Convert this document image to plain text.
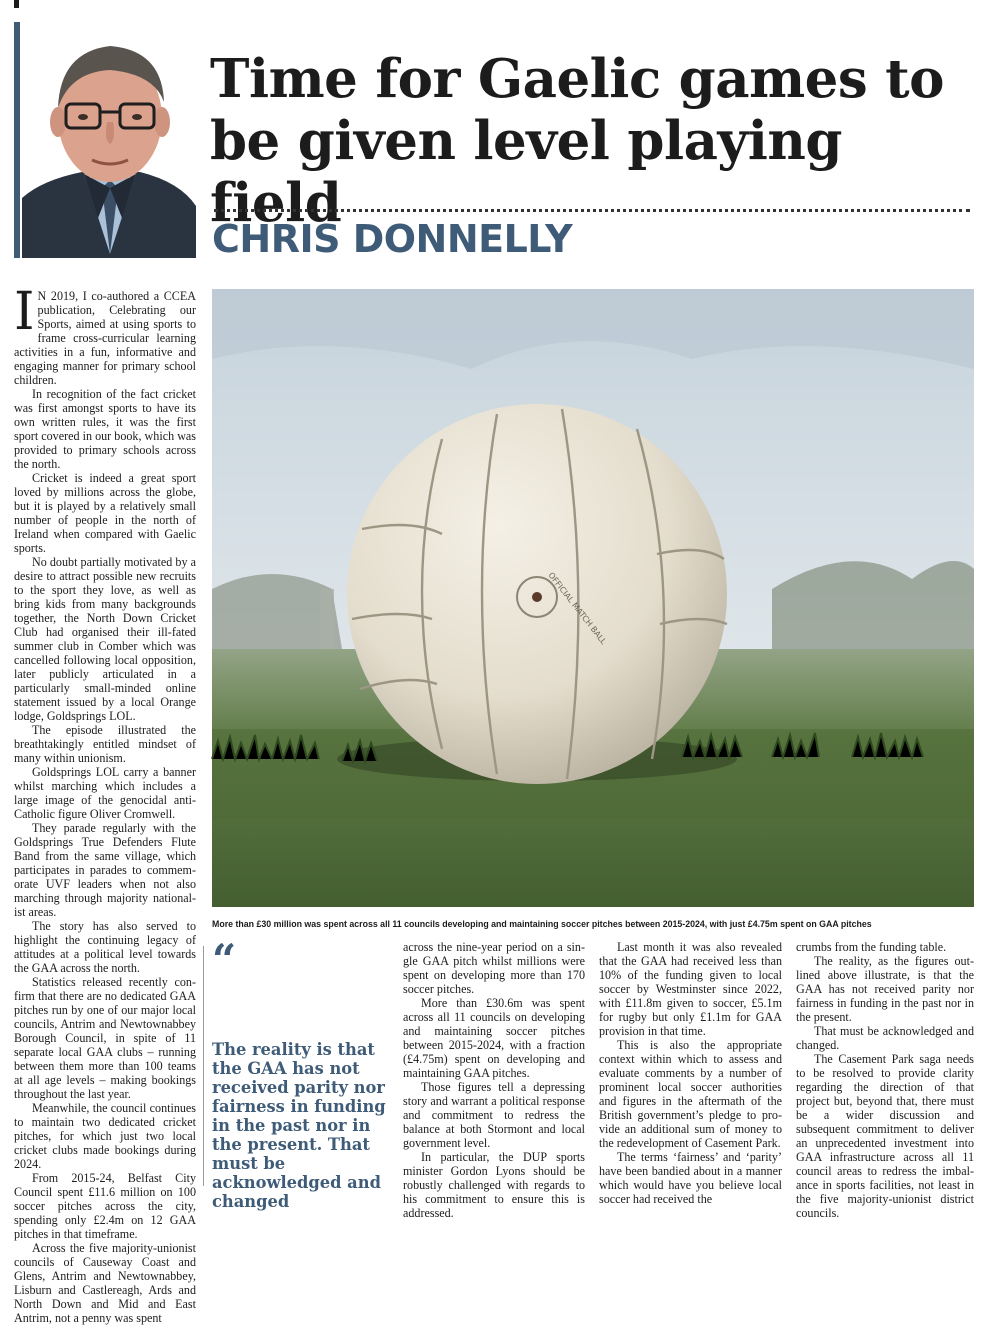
Time for Gaelic games to be given level playing field
CHRIS DONNELLY

I N 2019, I co-authored a CCEA publication, Celebrating our Sports, aimed at using sports to frame cross-curricular learning activities in a fun, informative and engaging manner for primary school children.

In recognition of the fact cricket was first amongst sports to have its own written rules, it was the first sport covered in our book, which was provided to primary schools across the north.

Cricket is indeed a great sport loved by millions across the globe, but it is played by a relatively small number of people in the north of Ireland when compared with Gaelic sports.

No doubt partially motivated by a desire to attract possible new recruits to the sport they love, as well as bring kids from many backgrounds together, the North Down Cricket Club had organised their ill-fated summer club in Comber which was cancelled following local opposition, later publicly articulated in a particularly small-minded online statement issued by a local Orange lodge, Goldsprings LOL.

The episode illustrated the breathtakingly entitled mindset of many within unionism.

Goldsprings LOL carry a banner whilst marching which includes a large image of the genocidal anti-Catholic figure Oliver Cromwell.

They parade regularly with the Goldsprings True Defenders Flute Band from the same village, which participates in parades to commemorate UVF leaders when not also marching through majority nationalist areas.

The story has also served to highlight the continuing legacy of attitudes at a political level towards the GAA across the north.

Statistics released recently confirm that there are no dedicated GAA pitches run by one of our major local councils, Antrim and Newtownabbey Borough Council, in spite of 11 separate local GAA clubs – running between them more than 100 teams at all age levels – making bookings throughout the last year.

Meanwhile, the council continues to maintain two dedicated cricket pitches, for which just two local cricket clubs made bookings during 2024.

From 2015-24, Belfast City Council spent £11.6 million on 100 soccer pitches across the city, spending only £2.4m on 12 GAA pitches in that timeframe.

Across the five majority-unionist councils of Causeway Coast and Glens, Antrim and Newtownabbey, Lisburn and Castlereagh, Ards and North Down and Mid and East Antrim, not a penny was spent

OFFICIAL MATCH BALL
More than £30 million was spent across all 11 councils developing and maintaining soccer pitches between 2015-2024, with just £4.75m spent on GAA pitches
“
The reality is that the GAA has not received parity nor fairness in funding in the past nor in the present. That must be acknowledged and changed

across the nine-year period on a single GAA pitch whilst millions were spent on developing more than 170 soccer pitches.

More than £30.6m was spent across all 11 councils on developing and maintaining soccer pitches between 2015-2024, with a fraction (£4.75m) spent on developing and maintaining GAA pitches.

Those figures tell a depressing story and warrant a political response and commitment to redress the balance at both Stormont and local government level.

In particular, the DUP sports minister Gordon Lyons should be robustly challenged with regards to his commitment to ensure this is addressed.

Last month it was also revealed that the GAA had received less than 10% of the funding given to local soccer by Westminster since 2022, with £11.8m given to soccer, £5.1m for rugby but only £1.1m for GAA provision in that time.

This is also the appropriate context within which to assess and evaluate comments by a number of prominent local soccer authorities and figures in the aftermath of the British government’s pledge to provide an additional sum of money to the redevelopment of Casement Park.

The terms ‘fairness’ and ‘parity’ have been bandied about in a manner which would have you believe local soccer had received the

crumbs from the funding table.

The reality, as the figures outlined above illustrate, is that the GAA has not received parity nor fairness in funding in the past nor in the present.

That must be acknowledged and changed.

The Casement Park saga needs to be resolved to provide clarity regarding the direction of that project but, beyond that, there must be a wider discussion and subsequent commitment to deliver an unprecedented investment into GAA infrastructure across all 11 council areas to redress the imbalance in sports facilities, not least in the five majority-unionist district councils.
